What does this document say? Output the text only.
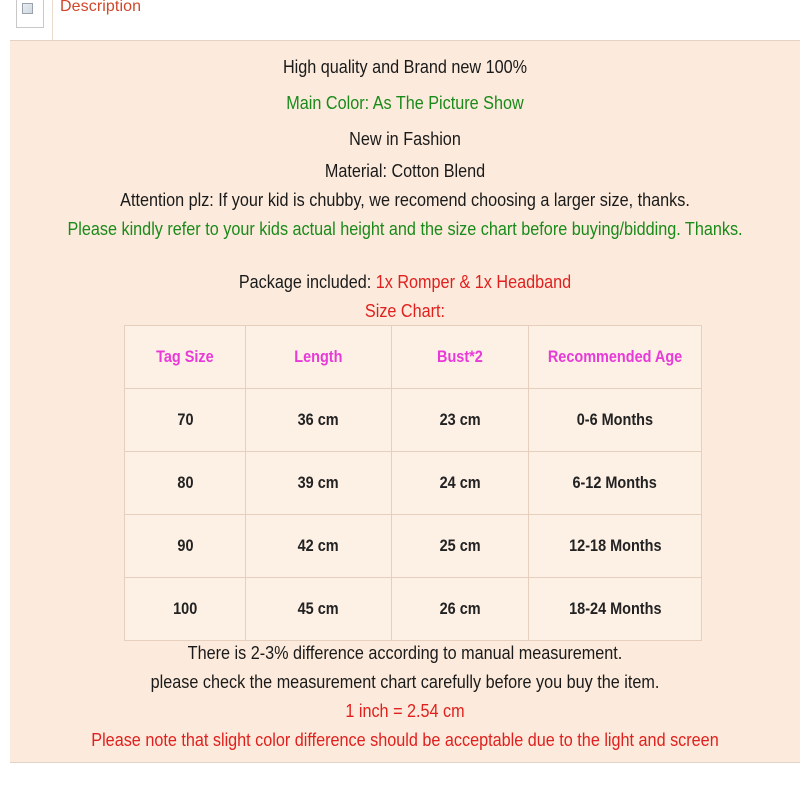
Description
High quality and Brand new 100%
Main Color: As The Picture Show
New in Fashion
Material: Cotton Blend
Attention plz: If your kid is chubby, we recomend choosing a larger size, thanks.
Please kindly refer to your kids actual height and the size chart before buying/bidding. Thanks.
Package included: 1x Romper & 1x Headband
Size Chart:
Tag Size	Length	Bust*2	Recommended Age
70	36 cm	23 cm	0-6 Months
80	39 cm	24 cm	6-12 Months
90	42 cm	25 cm	12-18 Months
100	45 cm	26 cm	18-24 Months
There is 2-3% difference according to manual measurement.
please check the measurement chart carefully before you buy the item.
1 inch = 2.54 cm
Please note that slight color difference should be acceptable due to the light and screen
